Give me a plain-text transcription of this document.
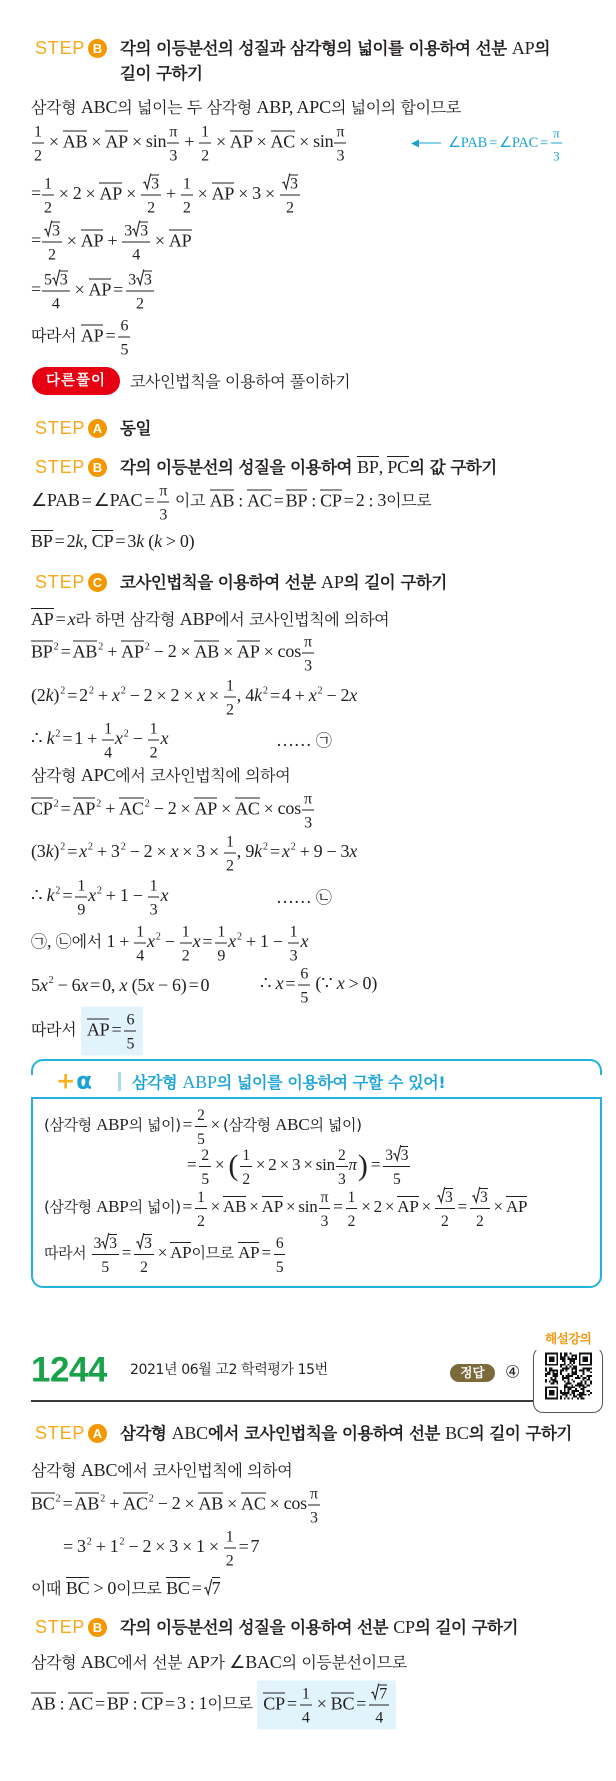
STEP B 각의 이등분선의 성질과 삼각형의 넓이를 이용하여 선분 AP의
길이 구하기
삼각형 ABC의 넓이는 두 삼각형 ABP, APC의 넓이의 합이므로
$\frac{1}{2}$ × AB × AP × $\sin \frac{\pi}{3} + \frac{1}{2}$ × AP × AC × $\sin \frac{\pi}{3}$	∠PAB = ∠PAC = $\frac{\pi}{3}$
= $\frac{1}{2} \times 2$ × AP × $\frac{3}{2} + \frac{1}{2}$ × AP × $3 \times \frac{3}{2}$
= $\frac{3}{2}$ × AP + $\frac{3 3}{4}$ × AP
= $\frac{5 3}{4}$ × AP = $\frac{3 3}{2}$
따라서 AP = $\frac{6}{5}$
다른풀이	코사인법칙을 이용하여 풀이하기
STEP A 동일
STEP B 각의 이등분선의 성질을 이용하여 BP, PC의 값 구하기
∠PAB = ∠PAC = $\frac{\pi}{3}$ 이고 AB : AC = BP : CP = 2 : 3이므로
BP = 2k, CP = 3k (k > 0)
STEP C 코사인법칙을 이용하여 선분 AP의 길이 구하기
AP = x라 하면 삼각형 ABP에서 코사인법칙에 의하여
$BP^2 = AB^2 + AP^2 - 2$ × AB × AP × $\cos \frac{\pi}{3}$
$(2k)^2 = 2^2 + x^2 - 2 \times 2 \times x \times \frac{1}{2}$ , $4k^2 = 4 + x^2 - 2x$
∴ $k^2 = 1 + \frac{1}{4} x^2 - \frac{1}{2}$ x	…… ㉠
삼각형 APC에서 코사인법칙에 의하여
$CP^2 = AP^2 + AC^2 - 2$ × AP × AC × $\cos \frac{\pi}{3}$
$(3k)^2 = x^2 + 3^2 - 2 \times x \times 3 \times \frac{1}{2}$ , $9k^2 = x^2 + 9 - 3x$
∴ $k^2 = \frac{1}{9} x^2 + 1 - \frac{1}{3}$ x	…… ㉡
㉠, ㉡에서 $1 + \frac{1}{4} x^2 - \frac{1}{2}$ $x = \frac{1}{9} x^2 + 1 - \frac{1}{3}$ x
$5x^2 - 6x = 0$, x (5x − 6) = 0	∴ $x = \frac{6}{5}$ (∵ x > 0)
따라서 AP = $\frac{6}{5}$
+α 삼각형 ABP의 넓이를 이용하여 구할 수 있어!
(삼각형 ABP의 넓이) = $\frac{2}{5}$ × (삼각형 ABC의 넓이)
= $\frac{2}{5}$ × ( $\frac{1}{2} \times 2 \times 3 \times \sin \frac{2}{3} \pi) = \frac{3 3}{5}$
(삼각형 ABP의 넓이) = $\frac{1}{2}$ × AB × AP × $\sin \frac{\pi}{3} = \frac{1}{2} \times 2$ × AP × $\frac{3}{2} = \frac{3}{2}$ × AP
따라서 $\frac{3 3}{5} = \frac{3}{2}$ × AP이므로 AP = $\frac{6}{5}$
1244 2021년 06월 고2 학력평가 15번	정답	④
해설강의
STEP A 삼각형 ABC에서 코사인법칙을 이용하여 선분 BC의 길이 구하기
삼각형 ABC에서 코사인법칙에 의하여
$BC^2 = AB^2 + AC^2 - 2$ × AB × AC × $\cos \frac{\pi}{3}$
= $3^2 + 1^2 - 2 \times 3 \times 1 \times \frac{1}{2} = 7$
이때 BC > 0이므로 BC = 7
STEP B 각의 이등분선의 성질을 이용하여 선분 CP의 길이 구하기
삼각형 ABC에서 선분 AP가 ∠BAC의 이등분선이므로
AB : AC = BP : CP = 3 : 1이므로 CP = $\frac{1}{4}$ × BC = $\frac{7}{4}$
